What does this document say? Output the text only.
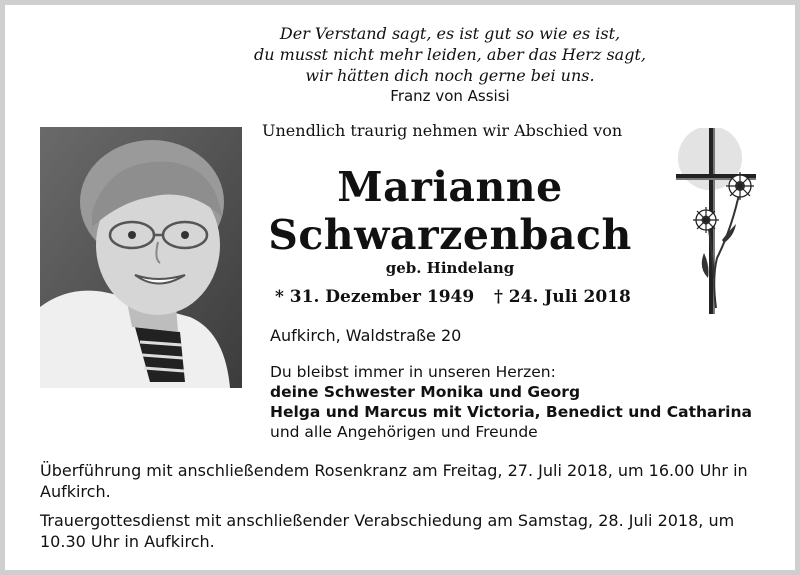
Der Verstand sagt, es ist gut so wie es ist,
du musst nicht mehr leiden, aber das Herz sagt,
wir hätten dich noch gerne bei uns.
Franz von Assisi
Unendlich traurig nehmen wir Abschied von
Marianne
Schwarzenbach
geb. Hindelang
* 31. Dezember 1949 † 24. Juli 2018
Aufkirch, Waldstraße 20
Du bleibst immer in unseren Herzen:
deine Schwester Monika und Georg
Helga und Marcus mit Victoria, Benedict und Catharina
und alle Angehörigen und Freunde

Überführung mit anschließendem Rosenkranz am Freitag, 27. Juli 2018, um 16.00 Uhr in Aufkirch.

Trauergottesdienst mit anschließender Verabschiedung am Samstag, 28. Juli 2018, um 10.30 Uhr in Aufkirch.
